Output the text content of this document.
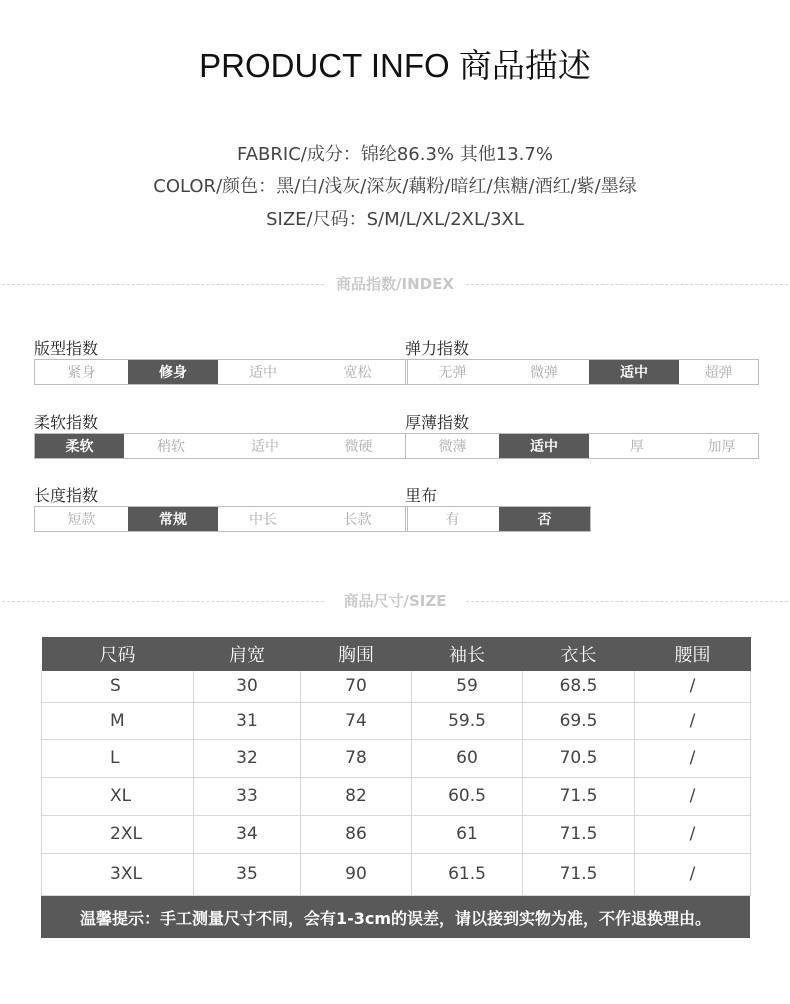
PRODUCT INFO 商品描述
FABRIC/成分：锦纶86.3% 其他13.7%
COLOR/颜色：黑/白/浅灰/深灰/藕粉/暗红/焦糖/酒红/紫/墨绿
SIZE/尺码：S/M/L/XL/2XL/3XL
商品指数/INDEX
版型指数
紧身	修身	适中	宽松
弹力指数
无弹	微弹	适中	超弹
柔软指数
柔软	稍软	适中	微硬
厚薄指数
微薄	适中	厚	加厚
长度指数
短款	常规	中长	长款
里布
有	否
商品尺寸/SIZE
尺码	肩宽	胸围	袖长	衣长	腰围
S	30	70	59	68.5	/
M	31	74	59.5	69.5	/
L	32	78	60	70.5	/
XL	33	82	60.5	71.5	/
2XL	34	86	61	71.5	/
3XL	35	90	61.5	71.5	/
温馨提示：手工测量尺寸不同，会有1-3cm的误差，请以接到实物为准，不作退换理由。
